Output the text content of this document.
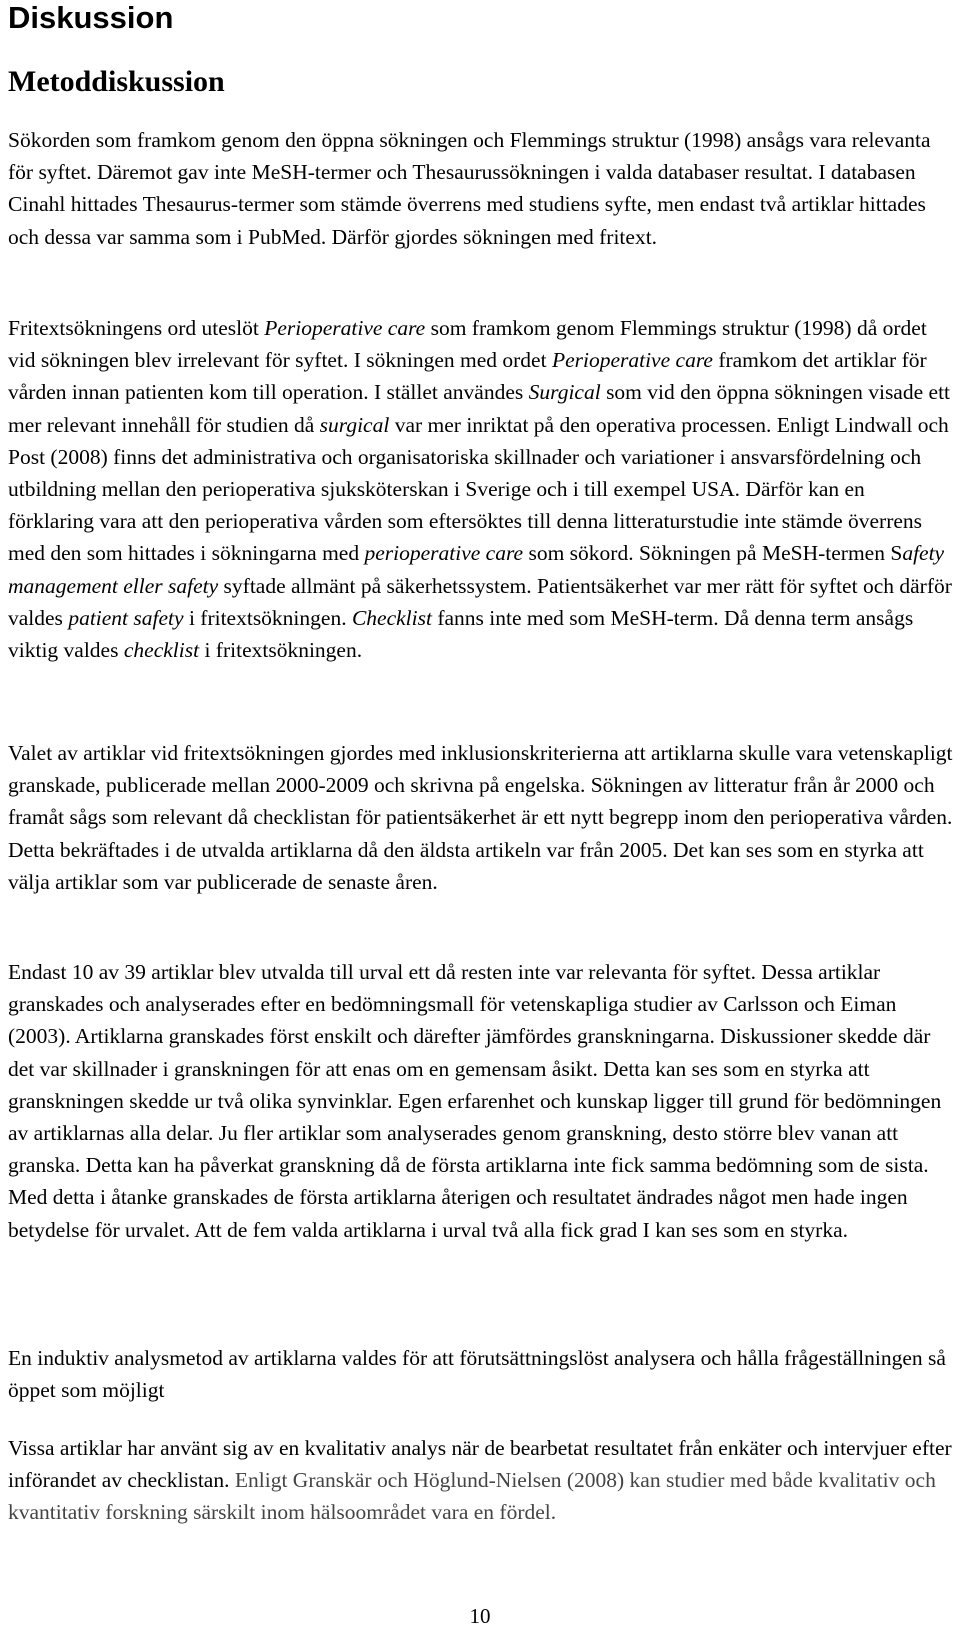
Diskussion
Metoddiskussion

Sökorden som framkom genom den öppna sökningen och Flemmings struktur (1998) ansågs vara relevanta för syftet. Däremot gav inte MeSH-termer och Thesaurussökningen i valda databaser resultat. I databasen Cinahl hittades Thesaurus-termer som stämde överrens med studiens syfte, men endast två artiklar hittades och dessa var samma som i PubMed. Därför gjordes sökningen med fritext.

Fritextsökningens ord uteslöt Perioperative care som framkom genom Flemmings struktur (1998) då ordet vid sökningen blev irrelevant för syftet. I sökningen med ordet Perioperative care framkom det artiklar för vården innan patienten kom till operation. I stället användes Surgical som vid den öppna sökningen visade ett mer relevant innehåll för studien då surgical var mer inriktat på den operativa processen. Enligt Lindwall och Post (2008) finns det administrativa och organisatoriska skillnader och variationer i ansvarsfördelning och utbildning mellan den perioperativa sjuksköterskan i Sverige och i till exempel USA. Därför kan en förklaring vara att den perioperativa vården som eftersöktes till denna litteraturstudie inte stämde överrens med den som hittades i sökningarna med perioperative care som sökord. Sökningen på MeSH-termen Safety management eller safety syftade allmänt på säkerhetssystem. Patientsäkerhet var mer rätt för syftet och därför valdes patient safety i fritextsökningen. Checklist fanns inte med som MeSH-term. Då denna term ansågs viktig valdes checklist i fritextsökningen.

Valet av artiklar vid fritextsökningen gjordes med inklusionskriterierna att artiklarna skulle vara vetenskapligt granskade, publicerade mellan 2000-2009 och skrivna på engelska. Sökningen av litteratur från år 2000 och framåt sågs som relevant då checklistan för patientsäkerhet är ett nytt begrepp inom den perioperativa vården. Detta bekräftades i de utvalda artiklarna då den äldsta artikeln var från 2005. Det kan ses som en styrka att välja artiklar som var publicerade de senaste åren.

Endast 10 av 39 artiklar blev utvalda till urval ett då resten inte var relevanta för syftet. Dessa artiklar granskades och analyserades efter en bedömningsmall för vetenskapliga studier av Carlsson och Eiman (2003). Artiklarna granskades först enskilt och därefter jämfördes granskningarna. Diskussioner skedde där det var skillnader i granskningen för att enas om en gemensam åsikt. Detta kan ses som en styrka att granskningen skedde ur två olika synvinklar. Egen erfarenhet och kunskap ligger till grund för bedömningen av artiklarnas alla delar. Ju fler artiklar som analyserades genom granskning, desto större blev vanan att granska. Detta kan ha påverkat granskning då de första artiklarna inte fick samma bedömning som de sista. Med detta i åtanke granskades de första artiklarna återigen och resultatet ändrades något men hade ingen betydelse för urvalet. Att de fem valda artiklarna i urval två alla fick grad I kan ses som en styrka.

En induktiv analysmetod av artiklarna valdes för att förutsättningslöst analysera och hålla frågeställningen så öppet som möjligt

Vissa artiklar har använt sig av en kvalitativ analys när de bearbetat resultatet från enkäter och intervjuer efter införandet av checklistan. Enligt Granskär och Höglund-Nielsen (2008) kan studier med både kvalitativ och kvantitativ forskning särskilt inom hälsoområdet vara en fördel.

10
